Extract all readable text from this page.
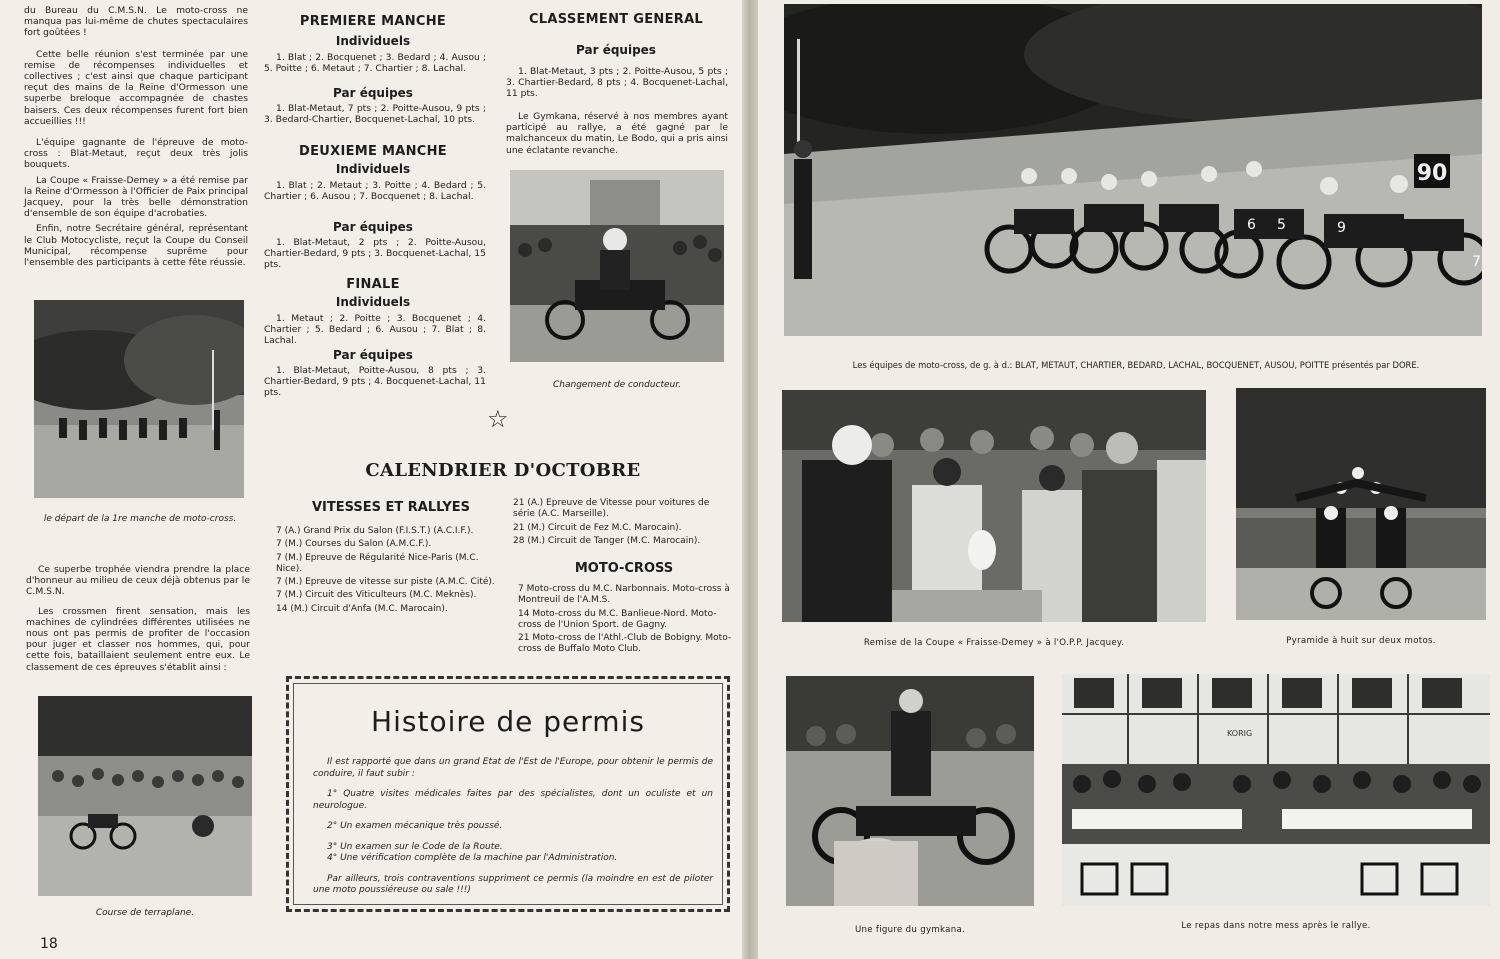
du Bureau du C.M.S.N. Le moto-cross ne manqua pas lui-même de chutes spectaculaires fort goûtées !

Cette belle réunion s'est terminée par une remise de récompenses individuelles et collectives ; c'est ainsi que chaque participant reçut des mains de la Reine d'Ormesson une superbe breloque accompagnée de chastes baisers. Ces deux récompenses furent fort bien accueillies !!!

L'équipe gagnante de l'épreuve de moto-cross : Blat-Metaut, reçut deux très jolis bouquets.

La Coupe « Fraisse-Demey » a été remise par la Reine d'Ormesson à l'Officier de Paix principal Jacquey, pour la très belle démonstration d'ensemble de son équipe d'acrobaties.

Enfin, notre Secrétaire général, représentant le Club Motocycliste, reçut la Coupe du Conseil Municipal, récompense suprême pour l'ensemble des participants à cette fête réussie.

le départ de la 1re manche de moto-cross.

Ce superbe trophée viendra prendre la place d'honneur au milieu de ceux déjà obtenus par le C.M.S.N.

Les crossmen firent sensation, mais les machines de cylindrées différentes utilisées ne nous ont pas permis de profiter de l'occasion pour juger et classer nos hommes, qui, pour cette fois, bataillaient seulement entre eux. Le classement de ces épreuves s'établit ainsi :

Course de terraplane.
18
PREMIERE MANCHE
Individuels
1. Blat ; 2. Bocquenet ; 3. Bedard ; 4. Ausou ; 5. Poitte ; 6. Metaut ; 7. Chartier ; 8. Lachal.
Par équipes
1. Blat-Metaut, 7 pts ; 2. Poitte-Ausou, 9 pts ; 3. Bedard-Chartier, Bocquenet-Lachal, 10 pts.
DEUXIEME MANCHE
Individuels
1. Blat ; 2. Metaut ; 3. Poitte ; 4. Bedard ; 5. Chartier ; 6. Ausou ; 7. Bocquenet ; 8. Lachal.
Par équipes
1. Blat-Metaut, 2 pts ; 2. Poitte-Ausou, Chartier-Bedard, 9 pts ; 3. Bocquenet-Lachal, 15 pts.
FINALE
Individuels
1. Metaut ; 2. Poitte ; 3. Bocquenet ; 4. Chartier ; 5. Bedard ; 6. Ausou ; 7. Blat ; 8. Lachal.
Par équipes
1. Blat-Metaut, Poitte-Ausou, 8 pts ; 3. Chartier-Bedard, 9 pts ; 4. Bocquenet-Lachal, 11 pts.
CLASSEMENT GENERAL
Par équipes
1. Blat-Metaut, 3 pts ; 2. Poitte-Ausou, 5 pts ; 3. Chartier-Bedard, 8 pts ; 4. Bocquenet-Lachal, 11 pts.
Le Gymkana, réservé à nos membres ayant participé au rallye, a été gagné par le malchanceux du matin, Le Bodo, qui a pris ainsi une éclatante revanche.
Changement de conducteur.
☆
CALENDRIER D'OCTOBRE
VITESSES ET RALLYES
7 (A.) Grand Prix du Salon (F.I.S.T.) (A.C.I.F.).
7 (M.) Courses du Salon (A.M.C.F.).
7 (M.) Epreuve de Régularité Nice-Paris (M.C. Nice).
7 (M.) Epreuve de vitesse sur piste (A.M.C. Cité).
7 (M.) Circuit des Viticulteurs (M.C. Meknès).
14 (M.) Circuit d'Anfa (M.C. Marocain).
21 (A.) Epreuve de Vitesse pour voitures de série (A.C. Marseille).
21 (M.) Circuit de Fez M.C. Marocain).
28 (M.) Circuit de Tanger (M.C. Marocain).
MOTO-CROSS
7 Moto-cross du M.C. Narbonnais. Moto-cross à Montreuil de l'A.M.S.
14 Moto-cross du M.C. Banlieue-Nord. Moto-cross de l'Union Sport. de Gagny.
21 Moto-cross de l'Athl.-Club de Bobigny. Moto-cross de Buffalo Moto Club.
Histoire de permis

Il est rapporté que dans un grand Etat de l'Est de l'Europe, pour obtenir le permis de conduire, il faut subir :

1° Quatre visites médicales faites par des spécialistes, dont un oculiste et un neurologue.

2° Un examen mécanique très poussé.

3° Un examen sur le Code de la Route.

4° Une vérification complète de la machine par l'Administration.

Par ailleurs, trois contraventions suppriment ce permis (la moindre en est de piloter une moto poussiéreuse ou sale !!!)

90
6 5	9
7
Les équipes de moto-cross, de g. à d.: BLAT, METAUT, CHARTIER, BEDARD, LACHAL, BOCQUENET, AUSOU, POITTE présentés par DORE.
Remise de la Coupe « Fraisse-Demey » à l'O.P.P. Jacquey.	Pyramide à huit sur deux motos.
Une figure du gymkana.
KORIG
Le repas dans notre mess après le rallye.
